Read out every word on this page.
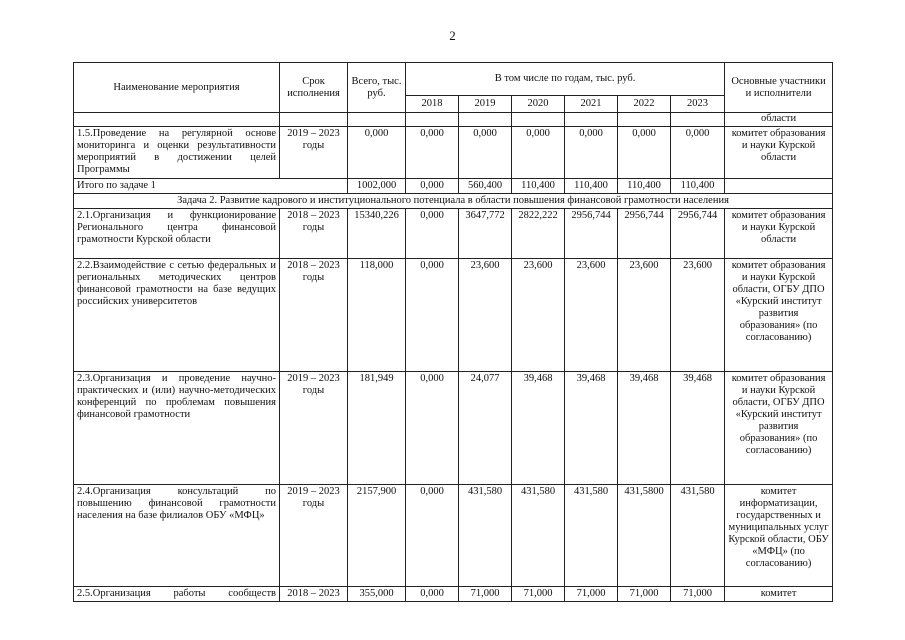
2
Наименование мероприятия	Срок исполнения	Всего, тыс. руб.	В том числе по годам, тыс. руб.						Основные участники и исполнители
			2018	2019	2020	2021	2022	2023	
									области
1.5.Проведение на регулярной основе мониторинга и оценки результативности мероприятий в достижении целей Программы	2019 – 2023 годы	0,000	0,000	0,000	0,000	0,000	0,000	0,000	комитет образования и науки Курской области
Итого по задаче 1		1002,000	0,000	560,400	110,400	110,400	110,400	110,400	
Задача 2. Развитие кадрового и институционального потенциала в области повышения финансовой грамотности населения									
2.1.Организация и функционирование Регионального центра финансовой грамотности Курской области	2018 – 2023 годы	15340,226	0,000	3647,772	2822,222	2956,744	2956,744	2956,744	комитет образования и науки Курской области
2.2.Взаимодействие с сетью федеральных и региональных методических центров финансовой грамотности на базе ведущих российских университетов	2018 – 2023 годы	118,000	0,000	23,600	23,600	23,600	23,600	23,600	комитет образования и науки Курской области, ОГБУ ДПО «Курский институт развития образования» (по согласованию)
2.3.Организация и проведение научно-практических и (или) научно-методических конференций по проблемам повышения финансовой грамотности	2019 – 2023 годы	181,949	0,000	24,077	39,468	39,468	39,468	39,468	комитет образования и науки Курской области, ОГБУ ДПО «Курский институт развития образования» (по согласованию)
2.4.Организация консультаций по повышению финансовой грамотности населения на базе филиалов ОБУ «МФЦ»	2019 – 2023 годы	2157,900	0,000	431,580	431,580	431,580	431,5800	431,580	комитет информатизации, государственных и муниципальных услуг Курской области, ОБУ «МФЦ» (по согласованию)
2.5.Организация работы сообществ	2018 – 2023	355,000	0,000	71,000	71,000	71,000	71,000	71,000	комитет
